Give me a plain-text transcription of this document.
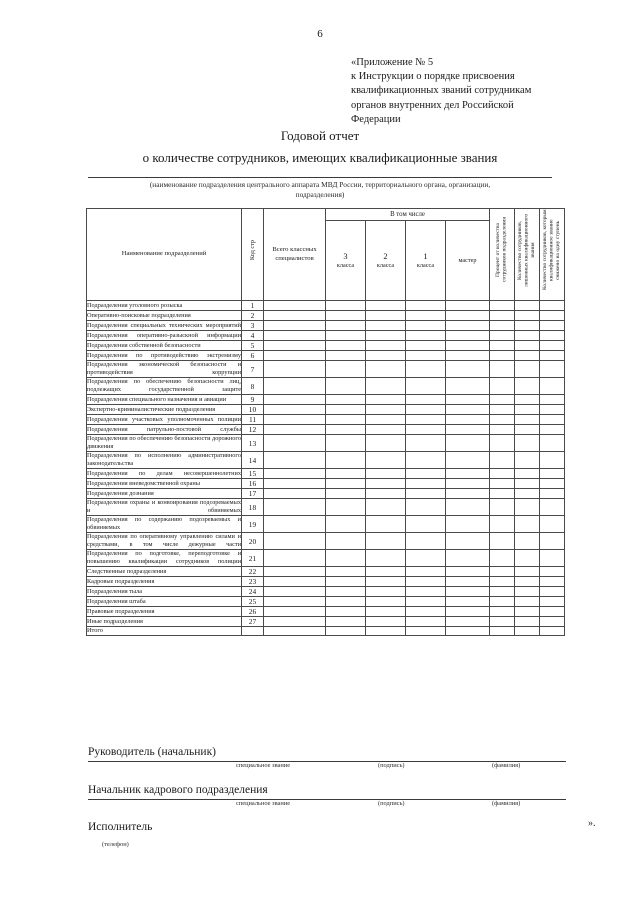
6
«Приложение № 5
к Инструкции о порядке присвоения
квалификационных званий сотрудникам
органов внутренних дел Российской
Федерации
Годовой отчет
о количестве сотрудников, имеющих квалификационные звания
(наименование подразделения центрального аппарата МВД России, территориального органа, организации,
подразделения)
Наименование подразделений	Код стр	Всего классных специалистов	В том числе				Процент от количества сотрудников подразделения	Количество сотрудников, лишенных квалификационного звания	Количество сотрудников, которым квалификационное звание снижено на одну ступень

			3
класса	2
класса	1
класса	мастер			

Подразделения уголовного розыска	1								
Оперативно-поисковые подразделения	2								
Подразделения специальных технических мероприятий	3								
Подразделения оперативно-разыскной информации	4								
Подразделения собственной безопасности	5								
Подразделения по противодействию экстремизму	6								
Подразделения экономической безопасности и противодействия коррупции	7								
Подразделения по обеспечению безопасности лиц, подлежащих государственной защите	8								
Подразделения специального назначения и авиации	9								
Экспертно-криминалистические подразделения	10								
Подразделения участковых уполномоченных полиции	11								
Подразделения патрульно-постовой службы	12								
Подразделения по обеспечению безопасности дорожного движения	13								
Подразделения по исполнению административного законодательства	14								
Подразделения по делам несовершеннолетних	15								
Подразделения вневедомственной охраны	16								
Подразделения дознания	17								
Подразделения охраны и конвоирования подозреваемых и обвиняемых	18								
Подразделения по содержанию подозреваемых и обвиняемых	19								
Подразделения по оперативному управлению силами и средствами, в том числе дежурные части	20								
Подразделения по подготовке, переподготовке и повышению квалификации сотрудников полиции	21								
Следственные подразделения	22								
Кадровые подразделения	23								
Подразделения тыла	24								
Подразделения штаба	25								
Правовые подразделения	26								
Иные подразделения	27								
Итого									
Руководитель (начальник)
специальное звание	(подпись)	(фамилия)
Начальник кадрового подразделения
специальное звание	(подпись)	(фамилия)
Исполнитель
(телефон)
».
